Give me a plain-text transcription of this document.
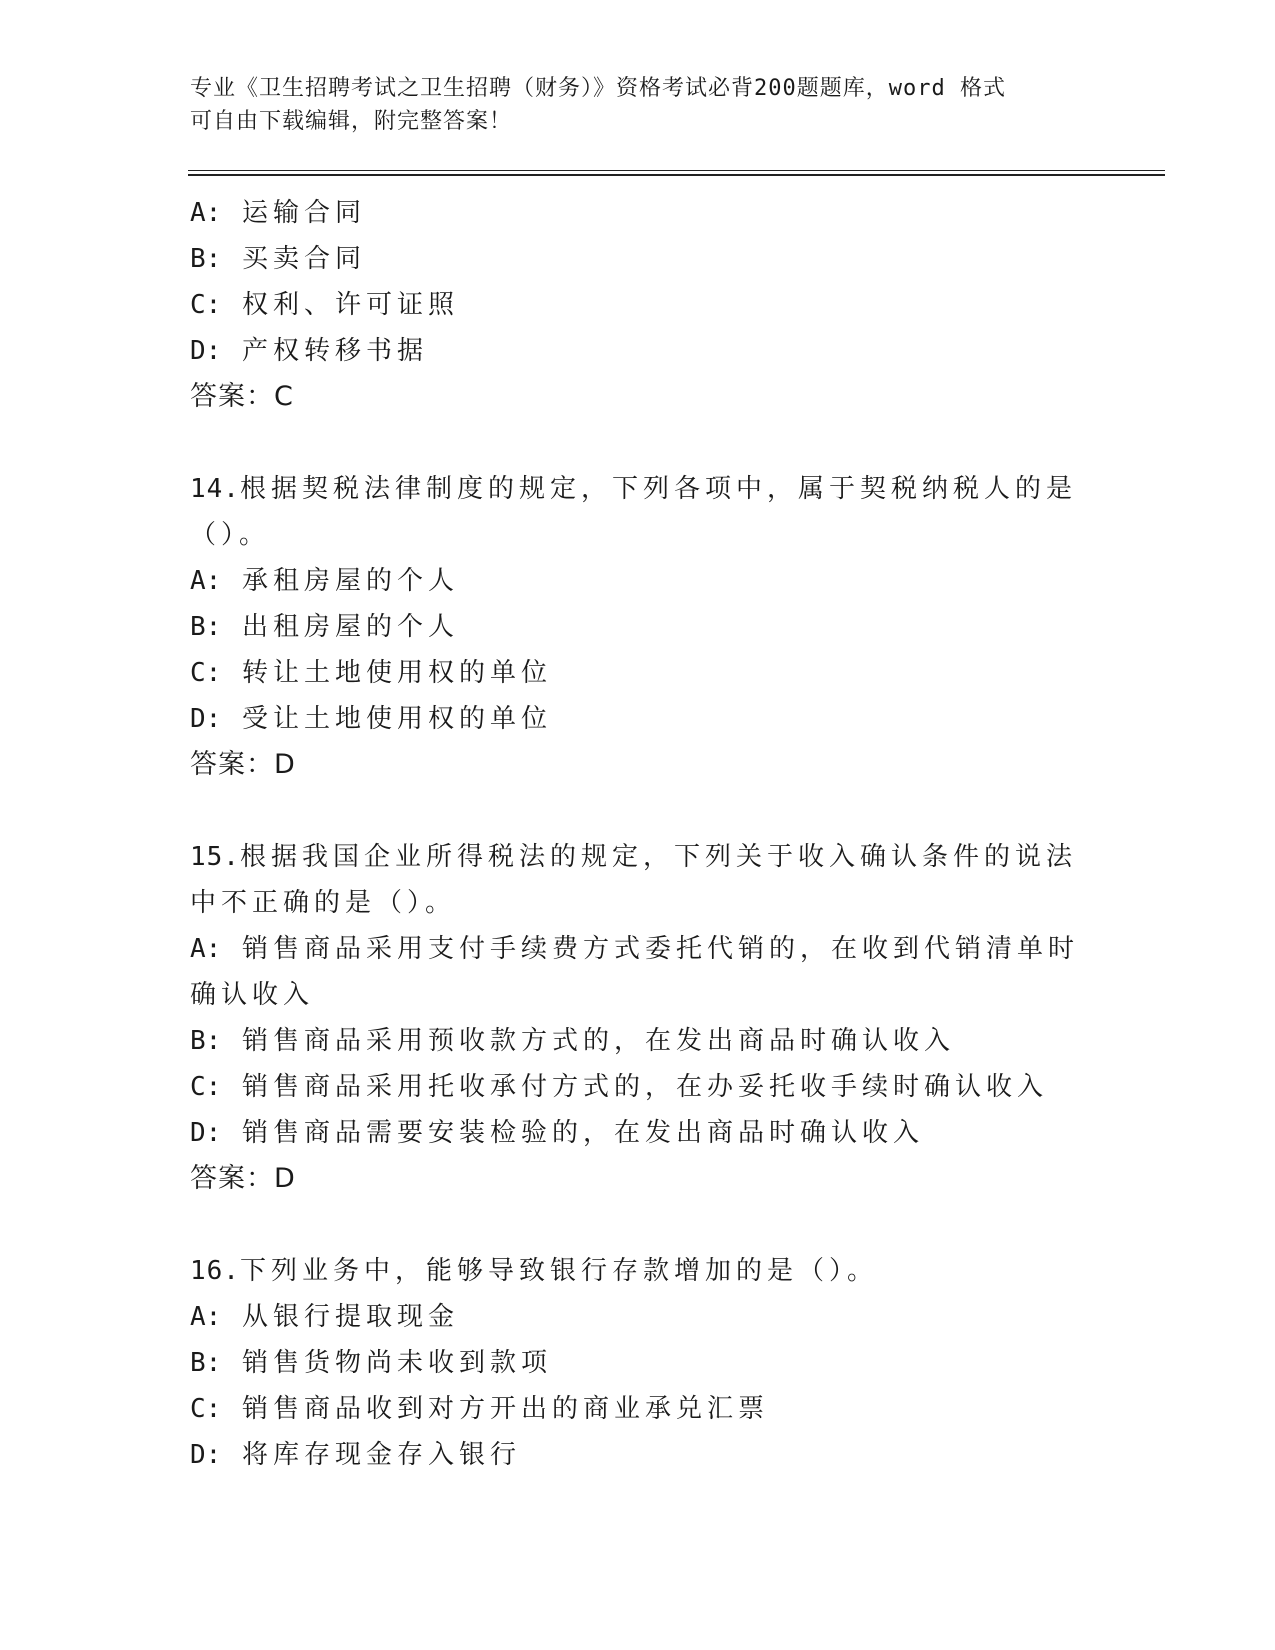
专业《卫生招聘考试之卫生招聘（财务）》资格考试必背200题题库，word 格式
可自由下载编辑，附完整答案！
A: 运输合同
B: 买卖合同
C: 权利、许可证照
D: 产权转移书据
答案：C
14.根据契税法律制度的规定，下列各项中，属于契税纳税人的是（）。
A: 承租房屋的个人
B: 出租房屋的个人
C: 转让土地使用权的单位
D: 受让土地使用权的单位
答案：D
15.根据我国企业所得税法的规定，下列关于收入确认条件的说法中不正确的是（）。
A: 销售商品采用支付手续费方式委托代销的，在收到代销清单时确认收入
B: 销售商品采用预收款方式的，在发出商品时确认收入
C: 销售商品采用托收承付方式的，在办妥托收手续时确认收入
D: 销售商品需要安装检验的，在发出商品时确认收入
答案：D
16.下列业务中，能够导致银行存款增加的是（）。
A: 从银行提取现金
B: 销售货物尚未收到款项
C: 销售商品收到对方开出的商业承兑汇票
D: 将库存现金存入银行
